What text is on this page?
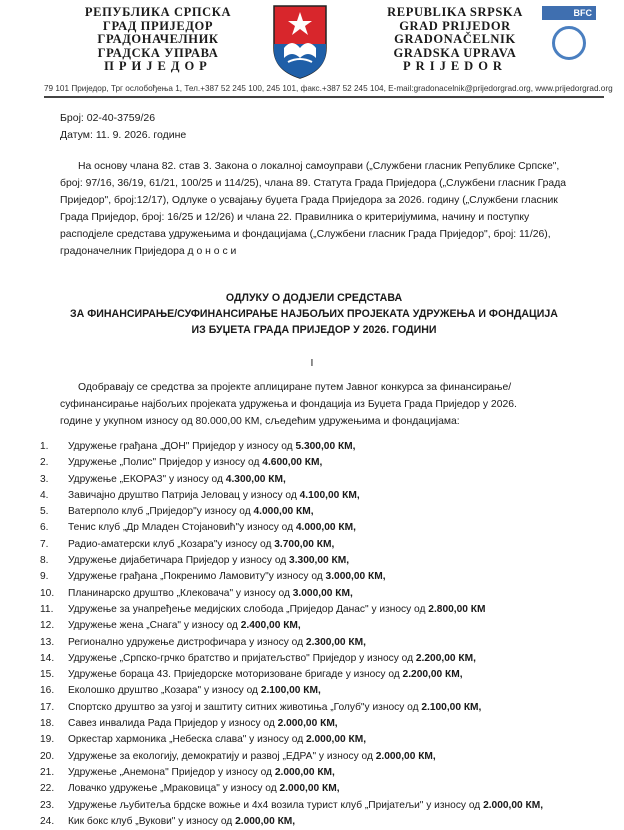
РЕПУБЛИКА СРПСКА
ГРАД ПРИЈЕДОР
ГРАДОНАЧЕЛНИК
ГРАДСКА УПРАВА
ПРИЈЕДОР
REPUBLIKA SRPSKA
GRAD PRIJEDOR
GRADONAČELNIK
GRADSKA UPRAVA
PRIJEDOR
BFC
79 101 Приједор, Трг ослобођења 1, Тел.+387 52 245 100, 245 101, факс.+387 52 245 104, E-mail:gradonacelnik@prijedorgrad.org, www.prijedorgrad.org
Број: 02-40-3759/26
Датум: 11. 9. 2026. године
На основу члана 82. став 3. Закона о локалној самоуправи („Службени гласник Републике Српске",
број: 97/16, 36/19, 61/21, 100/25 и 114/25), члана 89. Статута Града Приједора („Службени гласник Града
Приједор", број:12/17), Одлуке о усвајању буџета Града Приједора за 2026. годину („Службени гласник
Града Приједор, број: 16/25 и 12/26) и члана 22. Правилника о критеријумима, начину и поступку
расподјеле средстава удружењима и фондацијама („Службени гласник Града Приједор", број: 11/26),
градоначелник Приједора д о н о с и
ОДЛУКУ О ДОДЈЕЛИ СРЕДСТАВА
ЗА ФИНАНСИРАЊЕ/СУФИНАНСИРАЊЕ НАЈБОЉИХ ПРОЈЕКАТА УДРУЖЕЊА И ФОНДАЦИЈА
ИЗ БУЏЕТА ГРАДА ПРИЈЕДОР У 2026. ГОДИНИ
I
Одобравају се средства за пројекте аплициране путем Јавног конкурса за финансирање/
суфинансирање најбољих пројеката удружења и фондација из Буџета Града Приједор у 2026.
године у укупном износу од 80.000,00 КМ, сљедећим удружењима и фондацијама:
1.	Удружење грађана „ДОН" Приједор у износу од 5.300,00 КМ,
2.	Удружење „Полис" Приједор у износу од 4.600,00 КМ,
3.	Удружење „ЕКОРАЗ" у износу од 4.300,00 КМ,
4.	Завичајно друштво Патрија Јеловац у износу од 4.100,00 КМ,
5.	Ватерполо клуб „Приједор"у износу од 4.000,00 КМ,
6.	Тенис клуб „Др Младен Стојановић"у износу од 4.000,00 КМ,
7.	Радио-аматерски клуб „Козара"у износу од 3.700,00 КМ,
8.	Удружење дијабетичара Приједор у износу од 3.300,00 КМ,
9.	Удружење грађана „Покренимо Ламовиту"у износу од 3.000,00 КМ,
10.	Планинарско друштво „Клековача" у износу од 3.000,00 КМ,
11.	Удружење за унапређење медијских слобода „Приједор Данас" у износу од 2.800,00 КМ
12.	Удружење жена „Снага" у износу од 2.400,00 КМ,
13.	Регионално удружење дистрофичара у износу од 2.300,00 КМ,
14.	Удружење „Српско-грчко братство и пријатељство" Приједор у износу од 2.200,00 КМ,
15.	Удружење бораца 43. Приједорске моторизоване бригаде у износу од 2.200,00 КМ,
16.	Еколошко друштво „Козара" у износу од 2.100,00 КМ,
17.	Спортско друштво за узгој и заштиту ситних животиња „Голуб"у износу од 2.100,00 КМ,
18.	Савез инвалида Рада Приједор у износу од 2.000,00 КМ,
19.	Оркестар хармоника „Небеска слава" у износу од 2.000,00 КМ,
20.	Удружење за екологију, демократију и развој „ЕДРА" у износу од 2.000,00 КМ,
21.	Удружење „Анемона" Приједор у износу од 2.000,00 КМ,
22.	Ловачко удружење „Мраковица" у износу од 2.000,00 КМ,
23.	Удружење љубитеља брдске вожње и 4x4 возила турист клуб „Пријатељи" у износу од 2.000,00 КМ,
24.	Кик бокс клуб „Вукови" у износу од 2.000,00 КМ,
